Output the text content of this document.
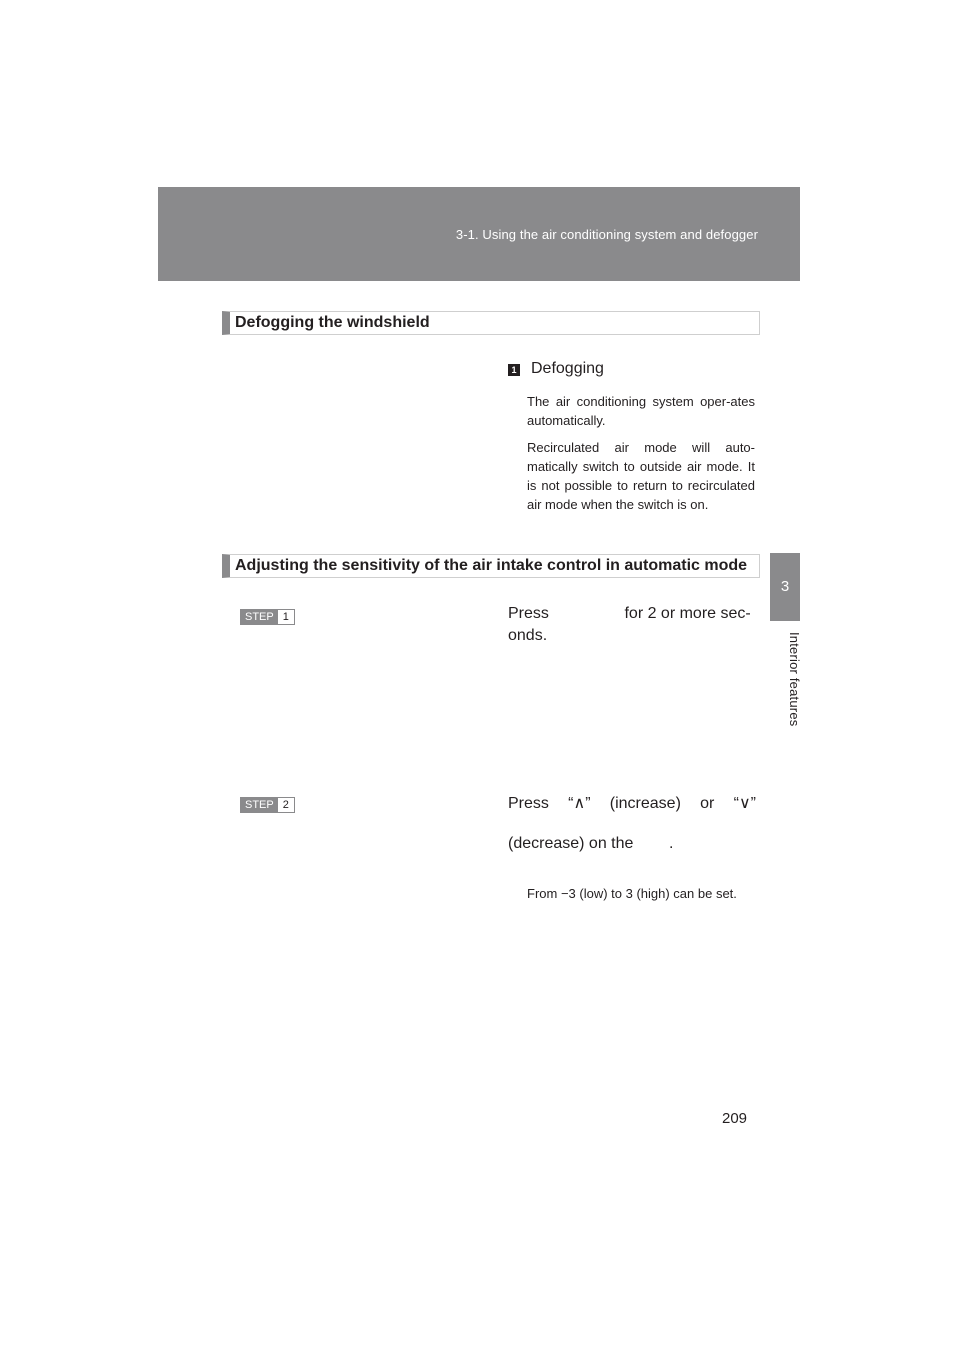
3-1. Using the air conditioning system and defogger
3
Interior features
Defogging the windshield
1 Defogging
The air conditioning system oper-ates automatically.
Recirculated air mode will auto-matically switch to outside air mode. It is not possible to return to recirculated air mode when the switch is on.
Adjusting the sensitivity of the air intake control in automatic mode
STEP 1	Press                 for 2 or more sec-onds.
STEP 2	Press “∧” (increase) or “∨”
(decrease) on the        .
From −3 (low) to 3 (high) can be set.
209
